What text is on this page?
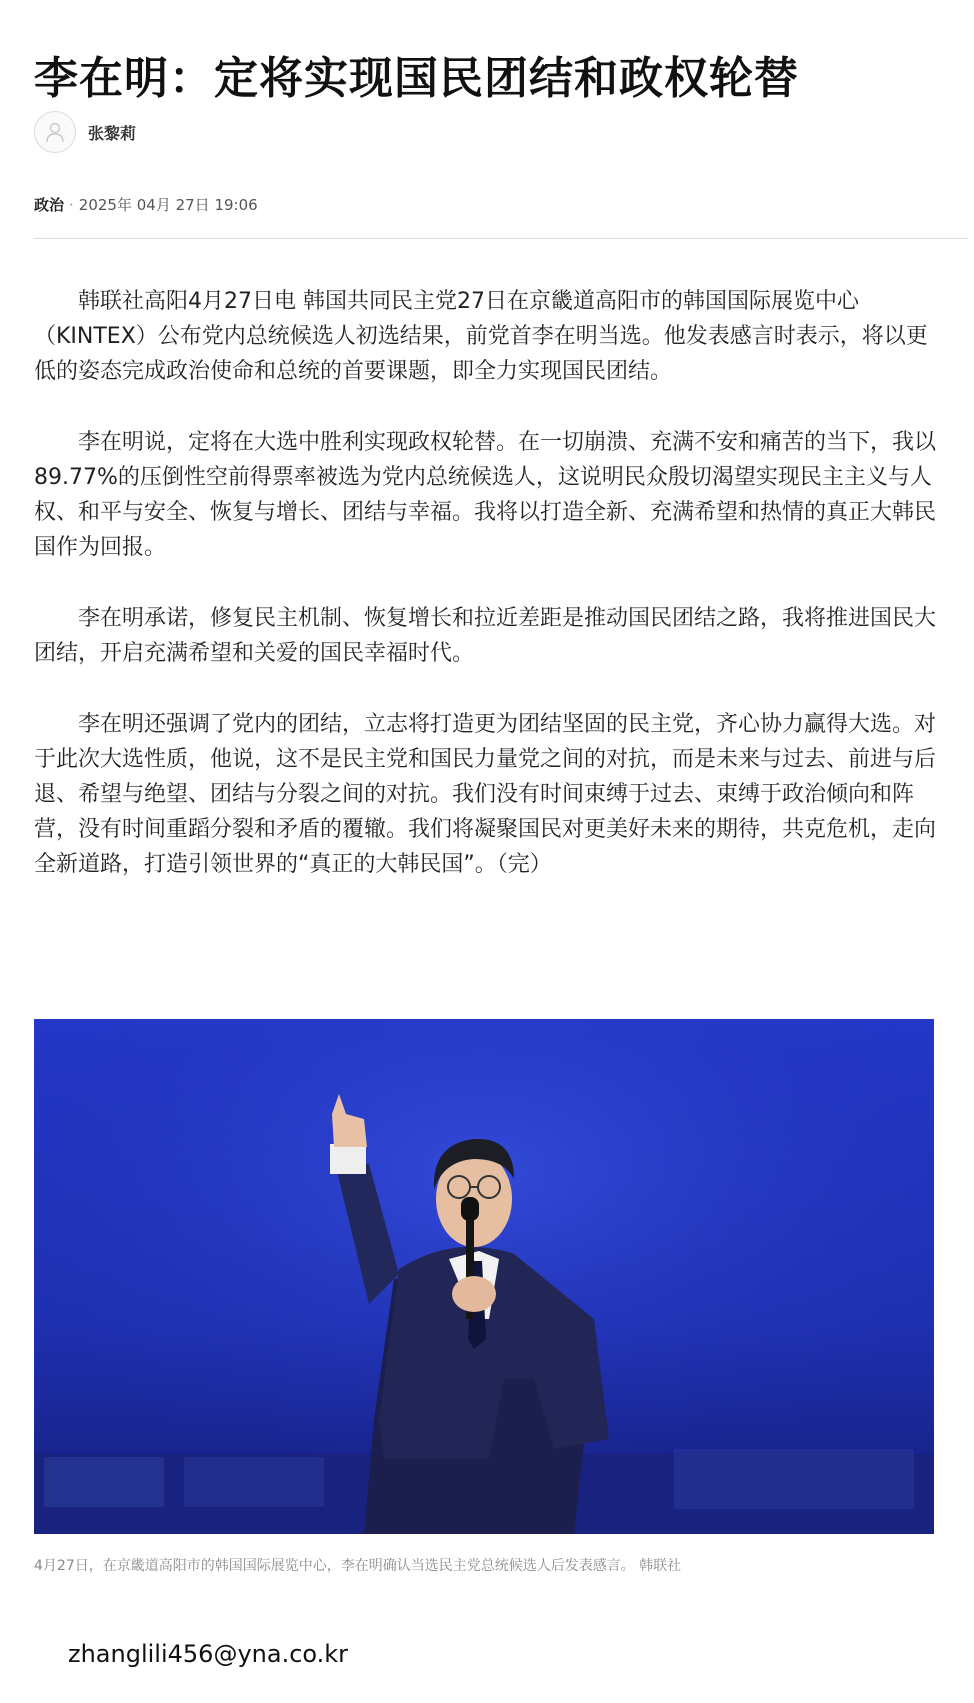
李在明：定将实现国民团结和政权轮替
张黎莉
政治 · 2025年 04月 27日 19:06

韩联社高阳4月27日电 韩国共同民主党27日在京畿道高阳市的韩国国际展览中心（KINTEX）公布党内总统候选人初选结果，前党首李在明当选。他发表感言时表示，将以更低的姿态完成政治使命和总统的首要课题，即全力实现国民团结。

李在明说，定将在大选中胜利实现政权轮替。在一切崩溃、充满不安和痛苦的当下，我以89.77%的压倒性空前得票率被选为党内总统候选人，这说明民众殷切渴望实现民主主义与人权、和平与安全、恢复与增长、团结与幸福。我将以打造全新、充满希望和热情的真正大韩民国作为回报。

李在明承诺，修复民主机制、恢复增长和拉近差距是推动国民团结之路，我将推进国民大团结，开启充满希望和关爱的国民幸福时代。

李在明还强调了党内的团结，立志将打造更为团结坚固的民主党，齐心协力赢得大选。对于此次大选性质，他说，这不是民主党和国民力量党之间的对抗，而是未来与过去、前进与后退、希望与绝望、团结与分裂之间的对抗。我们没有时间束缚于过去、束缚于政治倾向和阵营，没有时间重蹈分裂和矛盾的覆辙。我们将凝聚国民对更美好未来的期待，共克危机，走向全新道路，打造引领世界的“真正的大韩民国”。（完）

4月27日，在京畿道高阳市的韩国国际展览中心，李在明确认当选民主党总统候选人后发表感言。 韩联社
zhanglili456@yna.co.kr
